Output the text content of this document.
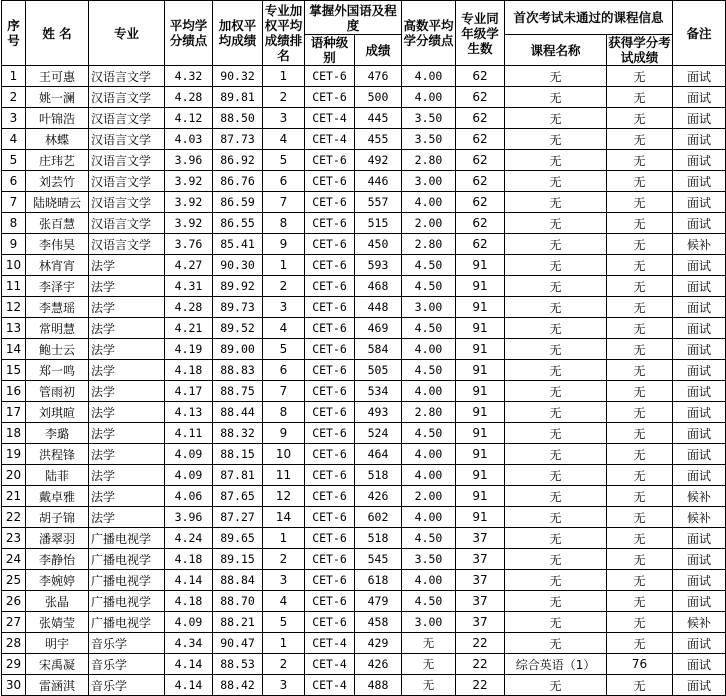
序号	姓 名	专业	平均学分绩点	加权平均成绩	专业加权平均成绩排名	掌握外国语及程度		高数平均学分绩点	专业同年级学生数	首次考试未通过的课程信息		备注
						语种级别	成绩			课程名称	获得学分考试成绩	
1	王可惠	汉语言文学	4.32	90.32	1	CET-6	476	4.00	62	无	无	面试
2	姚一澜	汉语言文学	4.28	89.81	2	CET-6	500	4.00	62	无	无	面试
3	叶锦浩	汉语言文学	4.12	88.50	3	CET-4	445	3.50	62	无	无	面试
4	林蝶	汉语言文学	4.03	87.73	4	CET-4	455	3.50	62	无	无	面试
5	庄玮艺	汉语言文学	3.96	86.92	5	CET-6	492	2.80	62	无	无	面试
6	刘芸竹	汉语言文学	3.92	86.76	6	CET-6	446	3.00	62	无	无	面试
7	陆晓晴云	汉语言文学	3.92	86.59	7	CET-6	557	4.00	62	无	无	面试
8	张百慧	汉语言文学	3.92	86.55	8	CET-6	515	2.00	62	无	无	面试
9	李伟昊	汉语言文学	3.76	85.41	9	CET-6	450	2.80	62	无	无	候补
10	林宵宵	法学	4.27	90.30	1	CET-6	593	4.50	91	无	无	面试
11	李泽宇	法学	4.31	89.92	2	CET-6	468	4.50	91	无	无	面试
12	李慧瑶	法学	4.28	89.73	3	CET-6	448	3.00	91	无	无	面试
13	常明慧	法学	4.21	89.52	4	CET-6	469	4.50	91	无	无	面试
14	鲍士云	法学	4.19	89.00	5	CET-6	584	4.00	91	无	无	面试
15	郑一鸣	法学	4.18	88.83	6	CET-6	505	4.50	91	无	无	面试
16	管雨初	法学	4.17	88.75	7	CET-6	534	4.00	91	无	无	面试
17	刘琪暄	法学	4.13	88.44	8	CET-6	493	2.80	91	无	无	面试
18	李璐	法学	4.11	88.32	9	CET-6	524	4.50	91	无	无	面试
19	洪程锋	法学	4.09	88.15	10	CET-6	464	4.00	91	无	无	面试
20	陆菲	法学	4.09	87.81	11	CET-6	518	4.00	91	无	无	面试
21	戴卓雅	法学	4.06	87.65	12	CET-6	426	2.00	91	无	无	候补
22	胡子锦	法学	3.96	87.27	14	CET-6	602	4.00	91	无	无	候补
23	潘翠羽	广播电视学	4.24	89.65	1	CET-6	518	4.50	37	无	无	面试
24	李静怡	广播电视学	4.18	89.15	2	CET-6	545	3.50	37	无	无	面试
25	李婉婷	广播电视学	4.14	88.84	3	CET-6	618	4.00	37	无	无	面试
26	张晶	广播电视学	4.18	88.70	4	CET-6	479	4.50	37	无	无	面试
27	张婧莹	广播电视学	4.09	88.21	5	CET-6	458	3.00	37	无	无	候补
28	明宇	音乐学	4.34	90.47	1	CET-4	429	无	22	无	无	面试
29	宋禹凝	音乐学	4.14	88.53	2	CET-4	426	无	22	综合英语（1）	76	面试
30	雷涵淇	音乐学	4.14	88.42	3	CET-4	488	无	22	无	无	面试
